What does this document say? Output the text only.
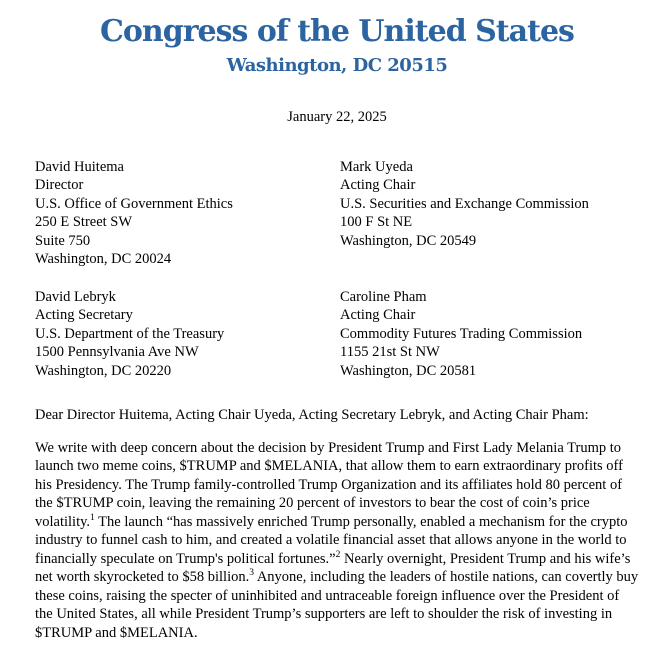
Congress of the United States
Washington, DC 20515
January 22, 2025
David Huitema
Director
U.S. Office of Government Ethics
250 E Street SW
Suite 750
Washington, DC 20024
Mark Uyeda
Acting Chair
U.S. Securities and Exchange Commission
100 F St NE
Washington, DC 20549
David Lebryk
Acting Secretary
U.S. Department of the Treasury
1500 Pennsylvania Ave NW
Washington, DC 20220
Caroline Pham
Acting Chair
Commodity Futures Trading Commission
1155 21st St NW
Washington, DC 20581

Dear Director Huitema, Acting Chair Uyeda, Acting Secretary Lebryk, and Acting Chair Pham:

We write with deep concern about the decision by President Trump and First Lady Melania Trump to launch two meme coins, $TRUMP and $MELANIA, that allow them to earn extraordinary profits off his Presidency. The Trump family-controlled Trump Organization and its affiliates hold 80 percent of the $TRUMP coin, leaving the remaining 20 percent of investors to bear the cost of coin’s price volatility.$^1$ The launch “has massively enriched Trump personally, enabled a mechanism for the crypto industry to funnel cash to him, and created a volatile financial asset that allows anyone in the world to financially speculate on Trump's political fortunes.”$^2$ Nearly overnight, President Trump and his wife’s net worth skyrocketed to $58 billion.$^3$ Anyone, including the leaders of hostile nations, can covertly buy these coins, raising the specter of uninhibited and untraceable foreign influence over the President of the United States, all while President Trump’s supporters are left to shoulder the risk of investing in $TRUMP and $MELANIA.
